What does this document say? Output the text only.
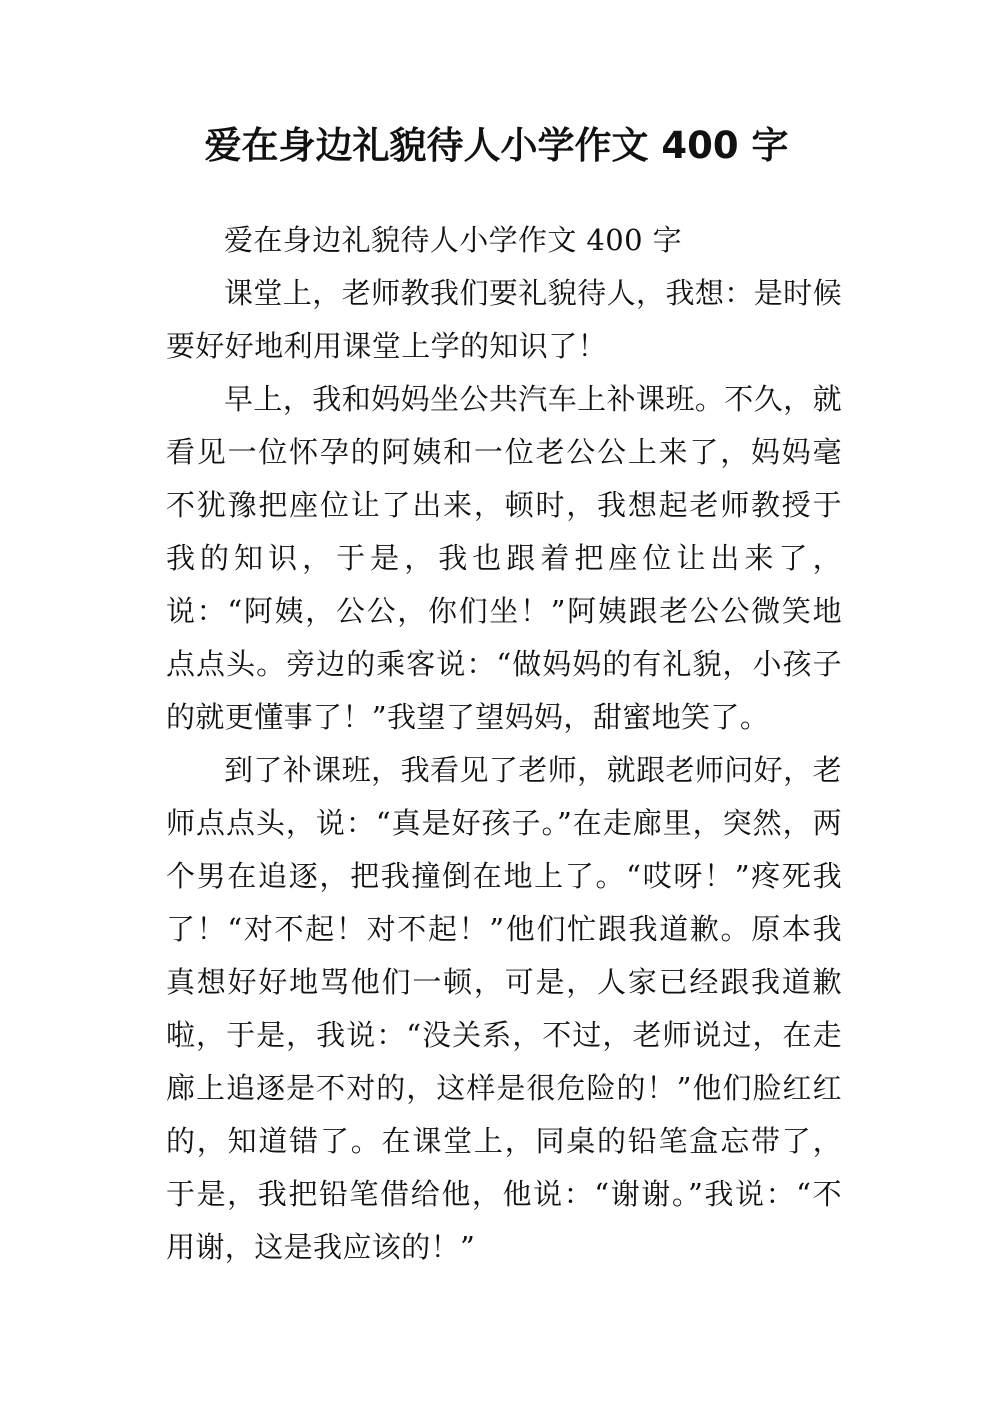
爱在身边礼貌待人小学作文 400 字

爱在身边礼貌待人小学作文 400 字

课堂上，老师教我们要礼貌待人，我想：是时候要好好地利用课堂上学的知识了！

早上，我和妈妈坐公共汽车上补课班。不久，就看见一位怀孕的阿姨和一位老公公上来了，妈妈毫不犹豫把座位让了出来，顿时，我想起老师教授于我的知识，于是，我也跟着把座位让出来了，说：“阿姨，公公，你们坐！”阿姨跟老公公微笑地点点头。旁边的乘客说：“做妈妈的有礼貌，小孩子的就更懂事了！”我望了望妈妈，甜蜜地笑了。

到了补课班，我看见了老师，就跟老师问好，老师点点头，说：“真是好孩子。”在走廊里，突然，两个男在追逐，把我撞倒在地上了。“哎呀！”疼死我了！“对不起！对不起！”他们忙跟我道歉。原本我真想好好地骂他们一顿，可是，人家已经跟我道歉啦，于是，我说：“没关系，不过，老师说过，在走廊上追逐是不对的，这样是很危险的！”他们脸红红的，知道错了。在课堂上，同桌的铅笔盒忘带了，于是，我把铅笔借给他，他说：“谢谢。”我说：“不用谢，这是我应该的！”
